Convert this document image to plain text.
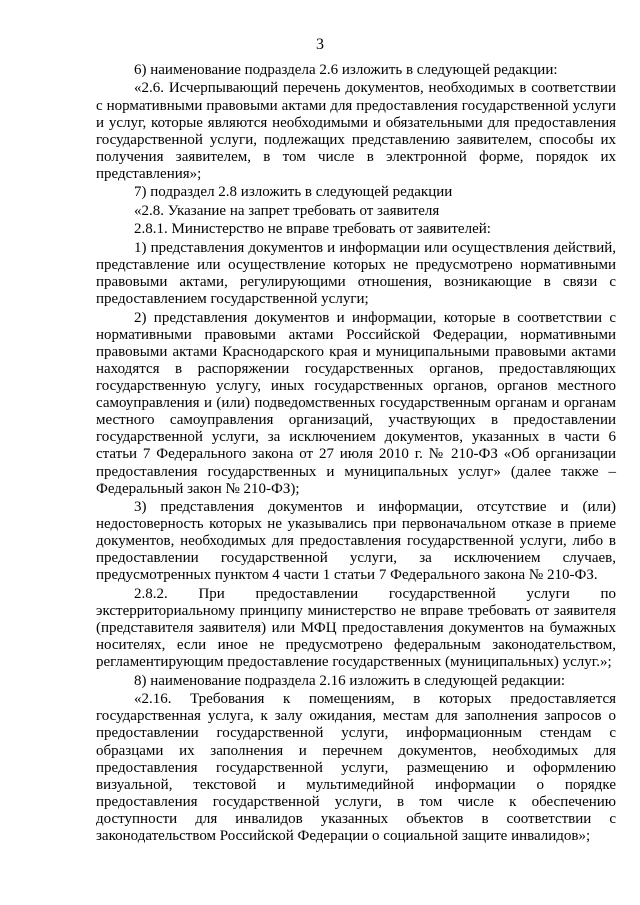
3

6) наименование подраздела 2.6 изложить в следующей редакции:

«2.6. Исчерпывающий перечень документов, необходимых в соответствии с нормативными правовыми актами для предоставления государственной услуги и услуг, которые являются необходимыми и обязательными для предоставления государственной услуги, подлежащих представлению заявителем, способы их получения заявителем, в том числе в электронной форме, порядок их представления»;

7) подраздел 2.8 изложить в следующей редакции

«2.8. Указание на запрет требовать от заявителя

2.8.1. Министерство не вправе требовать от заявителей:

1) представления документов и информации или осуществления действий, представление или осуществление которых не предусмотрено нормативными правовыми актами, регулирующими отношения, возникающие в связи с предоставлением государственной услуги;

2) представления документов и информации, которые в соответствии с нормативными правовыми актами Российской Федерации, нормативными правовыми актами Краснодарского края и муниципальными правовыми актами находятся в распоряжении государственных органов, предоставляющих государственную услугу, иных государственных органов, органов местного самоуправления и (или) подведомственных государственным органам и органам местного самоуправления организаций, участвующих в предоставлении государственной услуги, за исключением документов, указанных в части 6 статьи 7 Федерального закона от 27 июля 2010 г. № 210-ФЗ «Об организации предоставления государственных и муниципальных услуг» (далее также – Федеральный закон № 210-ФЗ);

3) представления документов и информации, отсутствие и (или) недостоверность которых не указывались при первоначальном отказе в приеме документов, необходимых для предоставления государственной услуги, либо в предоставлении государственной услуги, за исключением случаев, предусмотренных пунктом 4 части 1 статьи 7 Федерального закона № 210-ФЗ.

2.8.2. При предоставлении государственной услуги по экстерриториальному принципу министерство не вправе требовать от заявителя (представителя заявителя) или МФЦ предоставления документов на бумажных носителях, если иное не предусмотрено федеральным законодательством, регламентирующим предоставление государственных (муниципальных) услуг.»;

8) наименование подраздела 2.16 изложить в следующей редакции:

«2.16. Требования к помещениям, в которых предоставляется государственная услуга, к залу ожидания, местам для заполнения запросов о предоставлении государственной услуги, информационным стендам с образцами их заполнения и перечнем документов, необходимых для предоставления государственной услуги, размещению и оформлению визуальной, текстовой и мультимедийной информации о порядке предоставления государственной услуги, в том числе к обеспечению доступности для инвалидов указанных объектов в соответствии с законодательством Российской Федерации о социальной защите инвалидов»;
